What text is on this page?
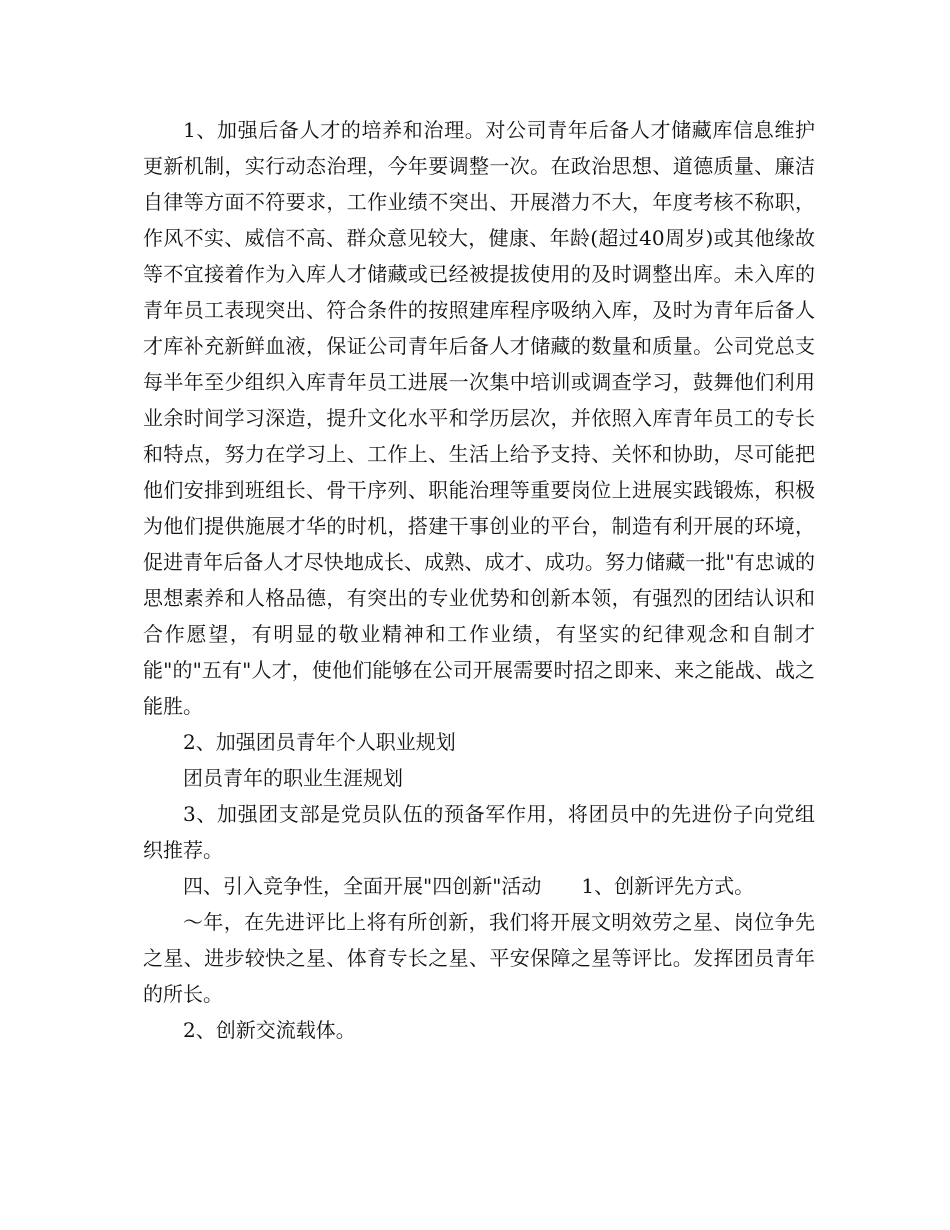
1、加强后备人才的培养和治理。对公司青年后备人才储藏库信息维护更新机制，实行动态治理，今年要调整一次。在政治思想、道德质量、廉洁自律等方面不符要求，工作业绩不突出、开展潜力不大，年度考核不称职，作风不实、威信不高、群众意见较大，健康、年龄(超过40周岁)或其他缘故等不宜接着作为入库人才储藏或已经被提拔使用的及时调整出库。未入库的青年员工表现突出、符合条件的按照建库程序吸纳入库，及时为青年后备人才库补充新鲜血液，保证公司青年后备人才储藏的数量和质量。公司党总支每半年至少组织入库青年员工进展一次集中培训或调查学习，鼓舞他们利用业余时间学习深造，提升文化水平和学历层次，并依照入库青年员工的专长和特点，努力在学习上、工作上、生活上给予支持、关怀和协助，尽可能把他们安排到班组长、骨干序列、职能治理等重要岗位上进展实践锻炼，积极为他们提供施展才华的时机，搭建干事创业的平台，制造有利开展的环境，促进青年后备人才尽快地成长、成熟、成才、成功。努力储藏一批"有忠诚的思想素养和人格品德，有突出的专业优势和创新本领，有强烈的团结认识和合作愿望，有明显的敬业精神和工作业绩，有坚实的纪律观念和自制才能"的"五有"人才，使他们能够在公司开展需要时招之即来、来之能战、战之能胜。

2、加强团员青年个人职业规划

团员青年的职业生涯规划

3、加强团支部是党员队伍的预备军作用，将团员中的先进份子向党组织推荐。

四、引入竞争性，全面开展"四创新"活动 1、创新评先方式。

～年，在先进评比上将有所创新，我们将开展文明效劳之星、岗位争先之星、进步较快之星、体育专长之星、平安保障之星等评比。发挥团员青年的所长。

2、创新交流载体。
